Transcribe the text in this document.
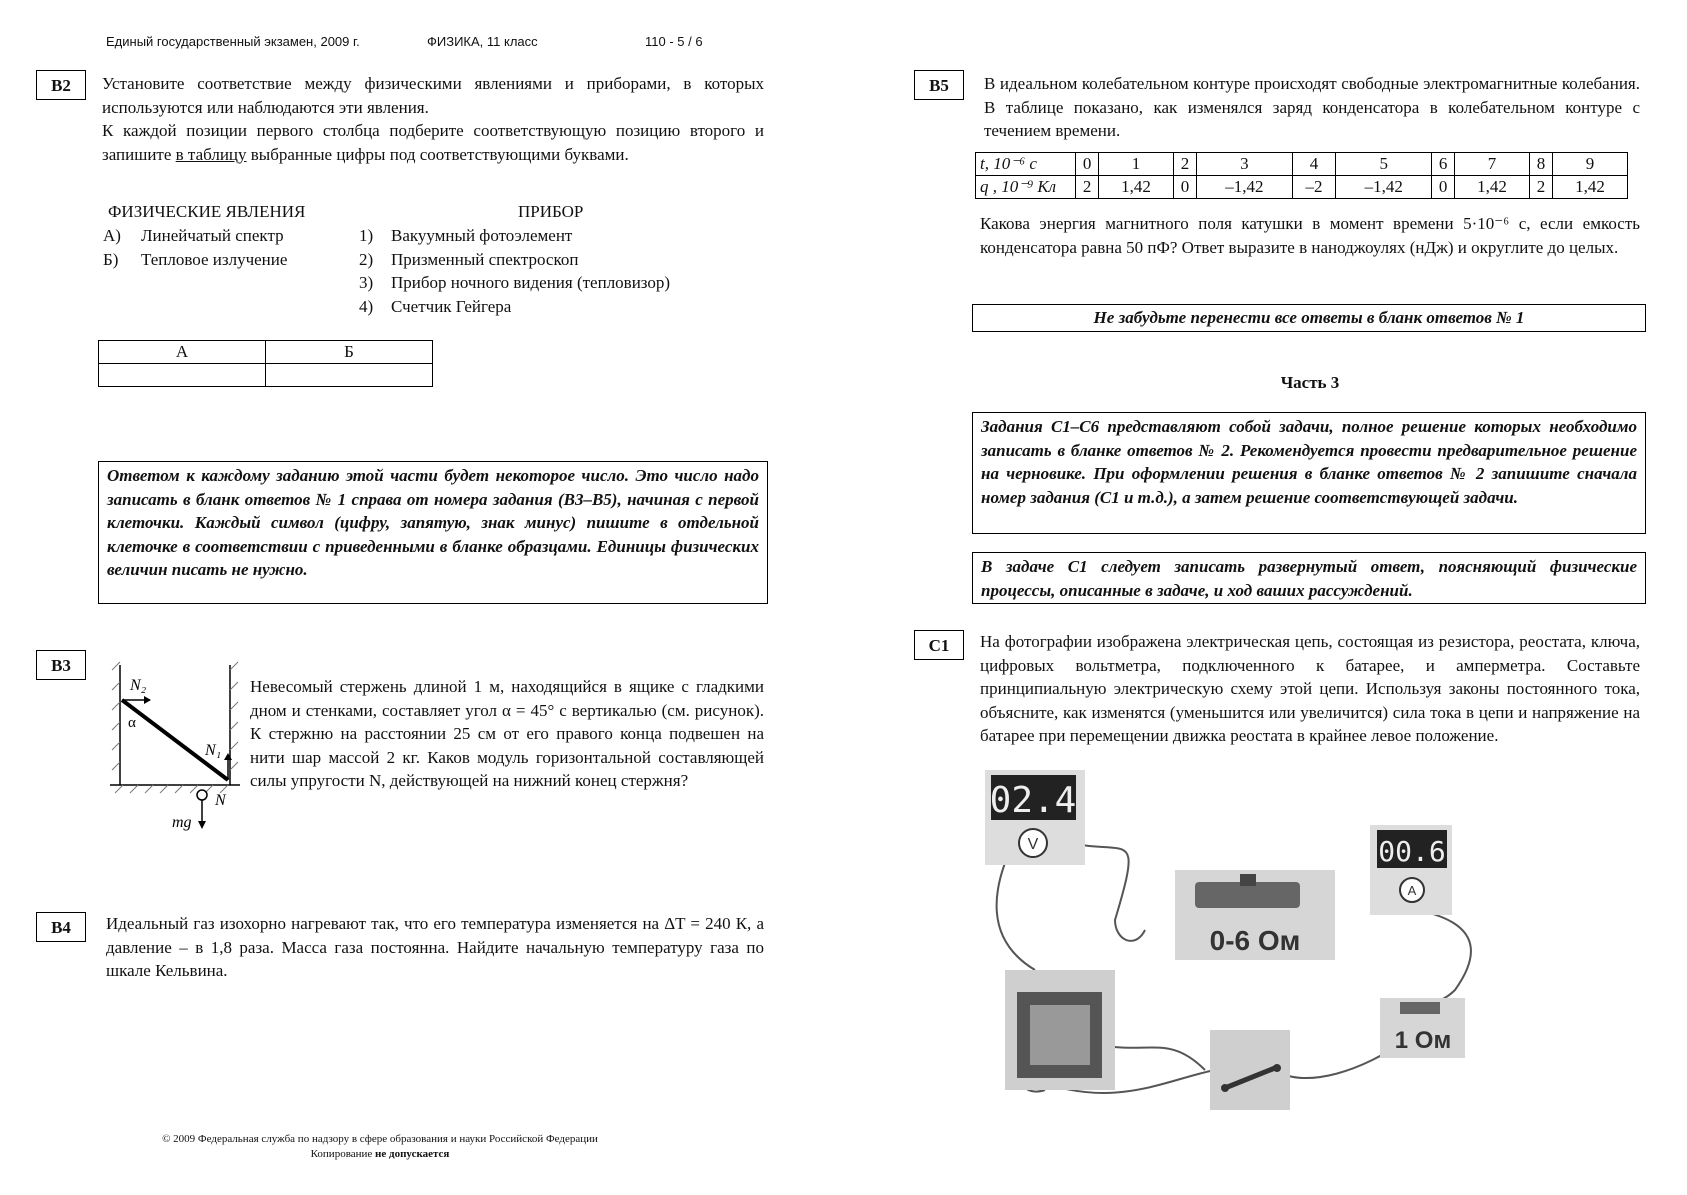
Единый государственный экзамен, 2009 г.	ФИЗИКА, 11 класс	110 - 5 / 6
B2	Установите соответствие между физическими явлениями и приборами, в которых используются или наблюдаются эти явления.
К каждой позиции первого столбца подберите соответствующую позицию второго и запишите в таблицу выбранные цифры под соответствующими буквами.
ФИЗИЧЕСКИЕ ЯВЛЕНИЯ	ПРИБОР
А) Линейчатый спектр
Б) Тепловое излучение
1) Вакуумный фотоэлемент
2) Призменный спектроскоп
3) Прибор ночного видения (тепловизор)
4) Счетчик Гейгера
А	Б

Ответом к каждому заданию этой части будет некоторое число. Это число надо записать в бланк ответов № 1 справа от номера задания (B3–B5), начиная с первой клеточки. Каждый символ (цифру, запятую, знак минус) пишите в отдельной клеточке в соответствии с приведенными в бланке образцами. Единицы физических величин писать не нужно.
B3
N₂
α
N₁
N
mg
Невесомый стержень длиной 1 м, находящийся в ящике с гладкими дном и стенками, составляет угол α = 45° с вертикалью (см. рисунок). К стержню на расстоянии 25 см от его правого конца подвешен на нити шар массой 2 кг. Каков модуль горизонтальной составляющей силы упругости N, действующей на нижний конец стержня?
B4	Идеальный газ изохорно нагревают так, что его температура изменяется на ΔT = 240 К, а давление – в 1,8 раза. Масса газа постоянна. Найдите начальную температуру газа по шкале Кельвина.
B5	В идеальном колебательном контуре происходят свободные электромагнитные колебания. В таблице показано, как изменялся заряд конденсатора в колебательном контуре с течением времени.
t, 10⁻⁶ с	0	1	2	3	4	5	6	7	8	9
q , 10⁻⁹ Кл	2	1,42	0	–1,42	–2	–1,42	0	1,42	2	1,42
Какова энергия магнитного поля катушки в момент времени 5·10⁻⁶ с, если емкость конденсатора равна 50 пФ? Ответ выразите в наноджоулях (нДж) и округлите до целых.
Не забудьте перенести все ответы в бланк ответов № 1
Часть 3
Задания С1–С6 представляют собой задачи, полное решение которых необходимо записать в бланке ответов № 2. Рекомендуется провести предварительное решение на черновике. При оформлении решения в бланке ответов № 2 запишите сначала номер задания (С1 и т.д.), а затем решение соответствующей задачи.
В задаче С1 следует записать развернутый ответ, поясняющий физические процессы, описанные в задаче, и ход ваших рассуждений.
C1	На фотографии изображена электрическая цепь, состоящая из резистора, реостата, ключа, цифровых вольтметра, подключенного к батарее, и амперметра. Составьте принципиальную электрическую схему этой цепи. Используя законы постоянного тока, объясните, как изменятся (уменьшится или увеличится) сила тока в цепи и напряжение на батарее при перемещении движка реостата в крайнее левое положение.
02.4
V
0-6 Ом
00.6
A
1 Ом
© 2009 Федеральная служба по надзору в сфере образования и науки Российской Федерации
Копирование не допускается
